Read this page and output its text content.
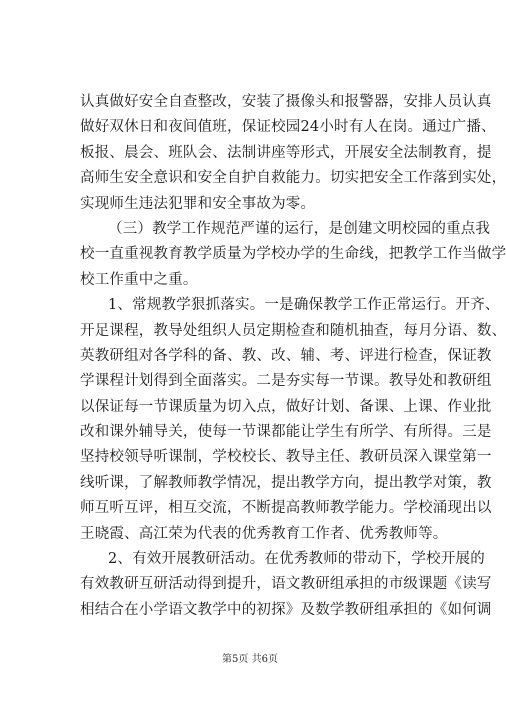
认真做好安全自查整改，安装了摄像头和报警器，安排人员认真
做好双休日和夜间值班，保证校园24小时有人在岗。通过广播、
板报、晨会、班队会、法制讲座等形式，开展安全法制教育，提
高师生安全意识和安全自护自救能力。切实把安全工作落到实处，
实现师生违法犯罪和安全事故为零。
（三）教学工作规范严谨的运行，是创建文明校园的重点我
校一直重视教育教学质量为学校办学的生命线，把教学工作当做学
校工作重中之重。
1、常规教学狠抓落实。一是确保教学工作正常运行。开齐、
开足课程，教导处组织人员定期检查和随机抽查，每月分语、数、
英教研组对各学科的备、教、改、辅、考、评进行检查，保证教
学课程计划得到全面落实。二是夯实每一节课。教导处和教研组
以保证每一节课质量为切入点，做好计划、备课、上课、作业批
改和课外辅导关，使每一节课都能让学生有所学、有所得。三是
坚持校领导听课制，学校校长、教导主任、教研员深入课堂第一
线听课，了解教师教学情况，提出教学方向，提出教学对策，教
师互听互评，相互交流，不断提高教师教学能力。学校涌现出以
王晓霞、高江荣为代表的优秀教育工作者、优秀教师等。
2、有效开展教研活动。在优秀教师的带动下，学校开展的
有效教研互研活动得到提升，语文教研组承担的市级课题《读写
相结合在小学语文教学中的初探》及数学教研组承担的《如何调
第5页 共6页
